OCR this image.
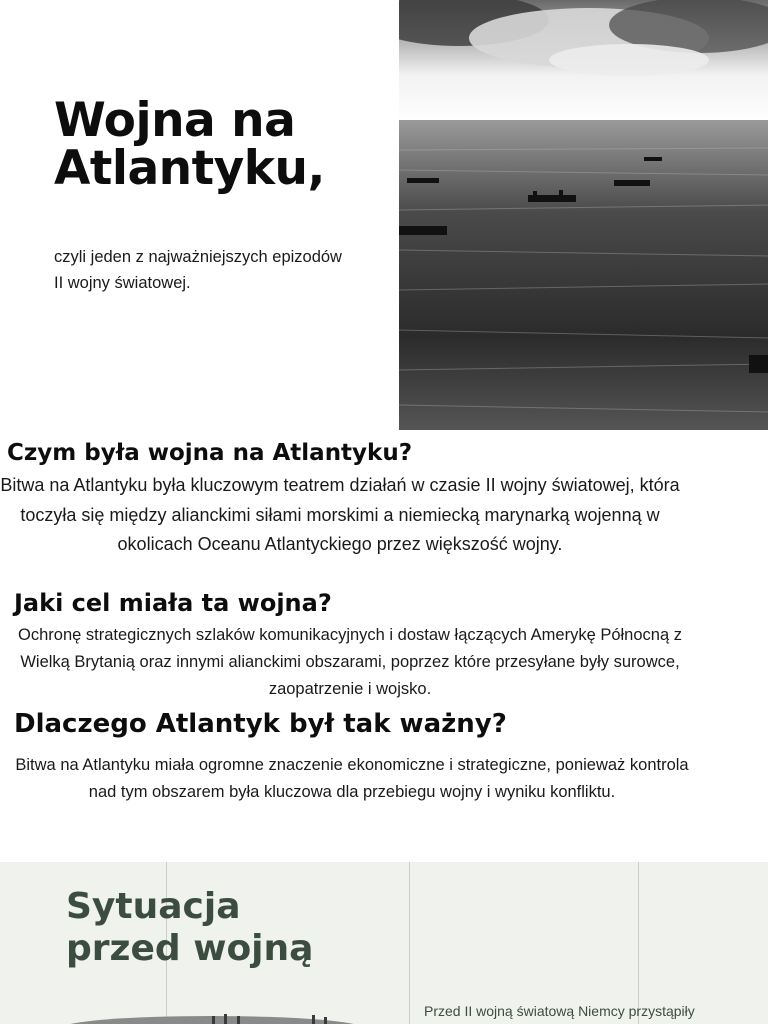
Wojna na
Atlantyku,

czyli jeden z najważniejszych epizodów II wojny światowej.

Czym była wojna na Atlantyku?

Bitwa na Atlantyku była kluczowym teatrem działań w czasie II wojny światowej, która toczyła się między alianckimi siłami morskimi a niemiecką marynarką wojenną w okolicach Oceanu Atlantyckiego przez większość wojny.

Jaki cel miała ta wojna?

Ochronę strategicznych szlaków komunikacyjnych i dostaw łączących Amerykę Północną z Wielką Brytanią oraz innymi alianckimi obszarami, poprzez które przesyłane były surowce, zaopatrzenie i wojsko.

Dlaczego Atlantyk był tak ważny?

Bitwa na Atlantyku miała ogromne znaczenie ekonomiczne i strategiczne, ponieważ kontrola nad tym obszarem była kluczowa dla przebiegu wojny i wyniku konfliktu.

Sytuacja
przed wojną

Przed II wojną światową Niemcy przystąpiły
